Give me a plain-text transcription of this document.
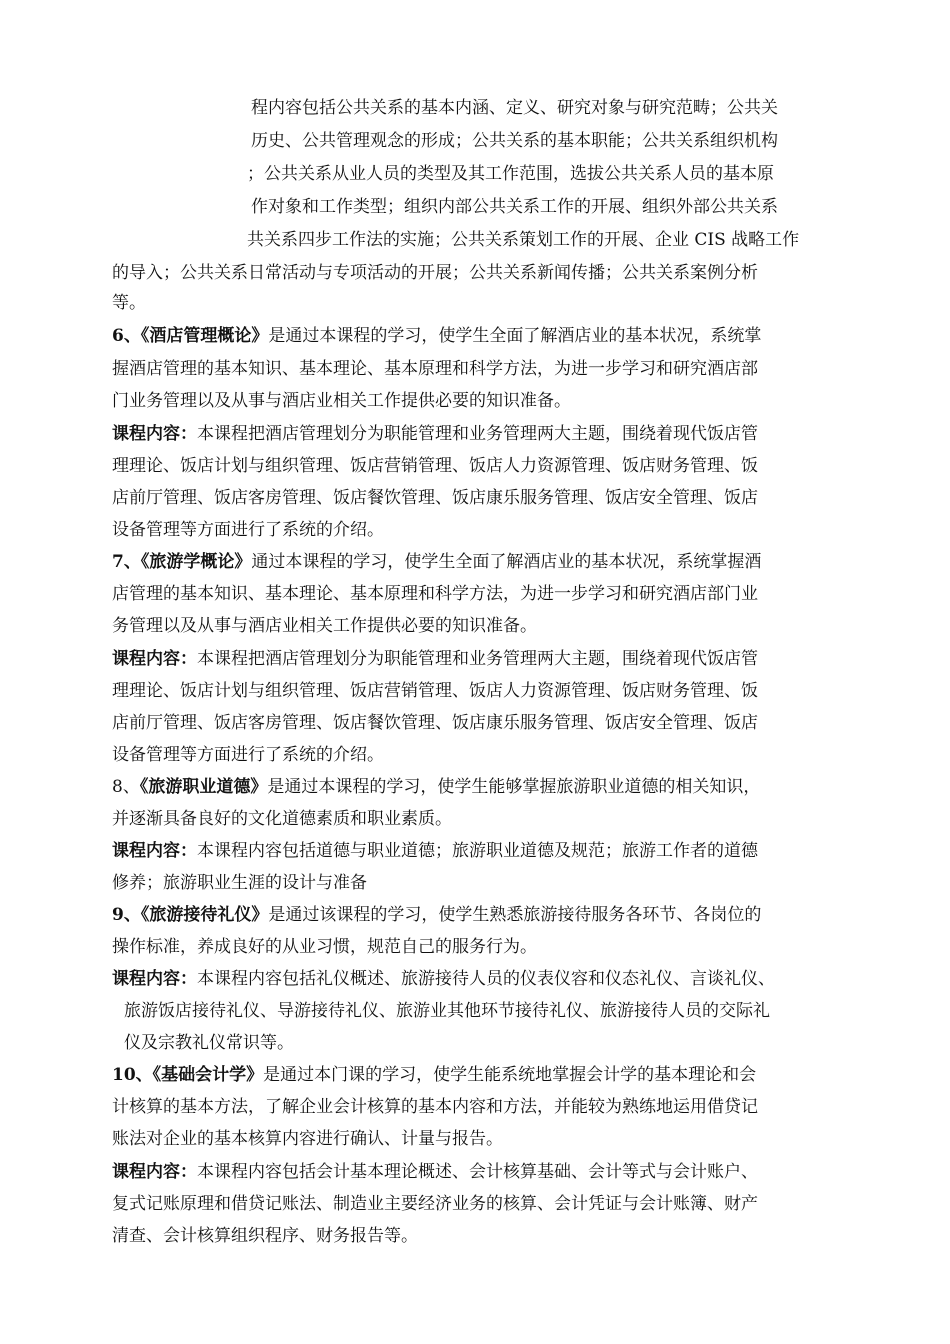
程内容包括公共关系的基本内涵、定义、研究对象与研究范畴；公共关
历史、公共管理观念的形成；公共关系的基本职能；公共关系组织机构
；公共关系从业人员的类型及其工作范围，选拔公共关系人员的基本原
作对象和工作类型；组织内部公共关系工作的开展、组织外部公共关系
共关系四步工作法的实施；公共关系策划工作的开展、企业 CIS 战略工作
的导入；公共关系日常活动与专项活动的开展；公共关系新闻传播；公共关系案例分析
等。
6、《酒店管理概论》是通过本课程的学习，使学生全面了解酒店业的基本状况，系统掌
握酒店管理的基本知识、基本理论、基本原理和科学方法，为进一步学习和研究酒店部
门业务管理以及从事与酒店业相关工作提供必要的知识准备。
课程内容：本课程把酒店管理划分为职能管理和业务管理两大主题，围绕着现代饭店管
理理论、饭店计划与组织管理、饭店营销管理、饭店人力资源管理、饭店财务管理、饭
店前厅管理、饭店客房管理、饭店餐饮管理、饭店康乐服务管理、饭店安全管理、饭店
设备管理等方面进行了系统的介绍。
7、《旅游学概论》通过本课程的学习，使学生全面了解酒店业的基本状况，系统掌握酒
店管理的基本知识、基本理论、基本原理和科学方法，为进一步学习和研究酒店部门业
务管理以及从事与酒店业相关工作提供必要的知识准备。
课程内容：本课程把酒店管理划分为职能管理和业务管理两大主题，围绕着现代饭店管
理理论、饭店计划与组织管理、饭店营销管理、饭店人力资源管理、饭店财务管理、饭
店前厅管理、饭店客房管理、饭店餐饮管理、饭店康乐服务管理、饭店安全管理、饭店
设备管理等方面进行了系统的介绍。
8、《旅游职业道德》是通过本课程的学习，使学生能够掌握旅游职业道德的相关知识，
并逐渐具备良好的文化道德素质和职业素质。
课程内容：本课程内容包括道德与职业道德；旅游职业道德及规范；旅游工作者的道德
修养；旅游职业生涯的设计与准备
9、《旅游接待礼仪》是通过该课程的学习，使学生熟悉旅游接待服务各环节、各岗位的
操作标准，养成良好的从业习惯，规范自己的服务行为。
课程内容：本课程内容包括礼仪概述、旅游接待人员的仪表仪容和仪态礼仪、言谈礼仪、
旅游饭店接待礼仪、导游接待礼仪、旅游业其他环节接待礼仪、旅游接待人员的交际礼
仪及宗教礼仪常识等。
10、《基础会计学》是通过本门课的学习，使学生能系统地掌握会计学的基本理论和会
计核算的基本方法，了解企业会计核算的基本内容和方法，并能较为熟练地运用借贷记
账法对企业的基本核算内容进行确认、计量与报告。
课程内容：本课程内容包括会计基本理论概述、会计核算基础、会计等式与会计账户、
复式记账原理和借贷记账法、制造业主要经济业务的核算、会计凭证与会计账簿、财产
清查、会计核算组织程序、财务报告等。
